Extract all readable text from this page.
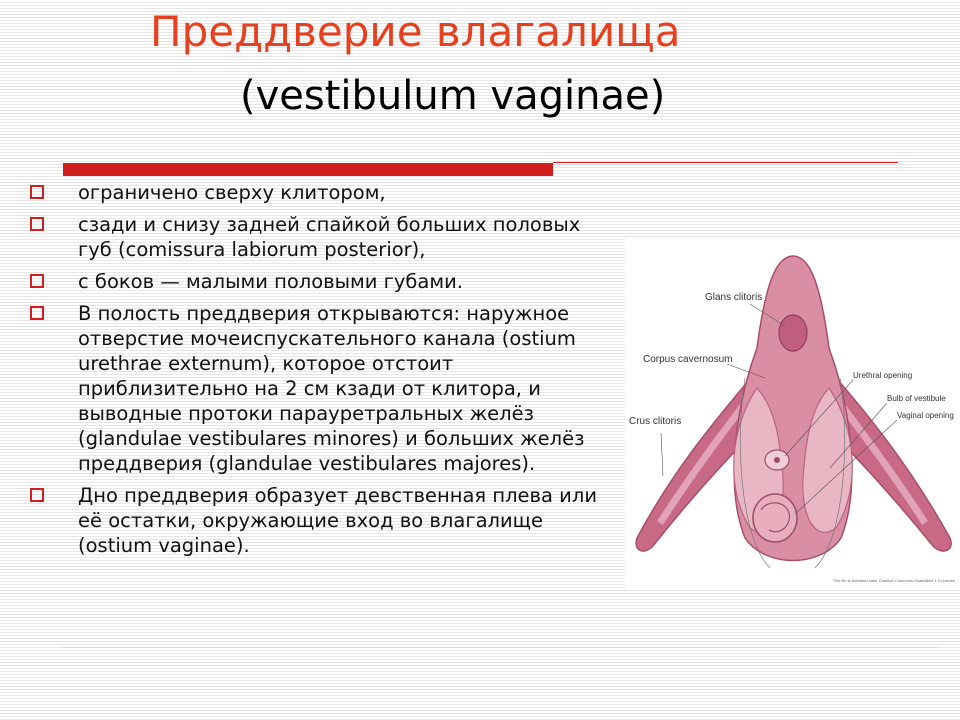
Преддверие влагалища
(vestibulum vaginae)
ограничено сверху клитором,
сзади и снизу задней спайкой больших половых губ (comissura labiorum posterior),
с боков — малыми половыми губами.
В полость преддверия открываются: наружное отверстие мочеиспускательного канала (ostium urethrae externum), которое отстоит приблизительно на 2 см кзади от клитора, и выводные протоки парауретральных желёз (glandulae vestibulares minores) и больших желёз преддверия (glandulae vestibulares majores).
Дно преддверия образует девственная плева или её остатки, окружающие вход во влагалище (ostium vaginae).
Glans clitoris
Corpus cavernosum
Crus clitoris
Urethral opening
Bulb of vestibule
Vaginal opening
This file is licensed under Creative Commons ShareAlike 1.0 License
